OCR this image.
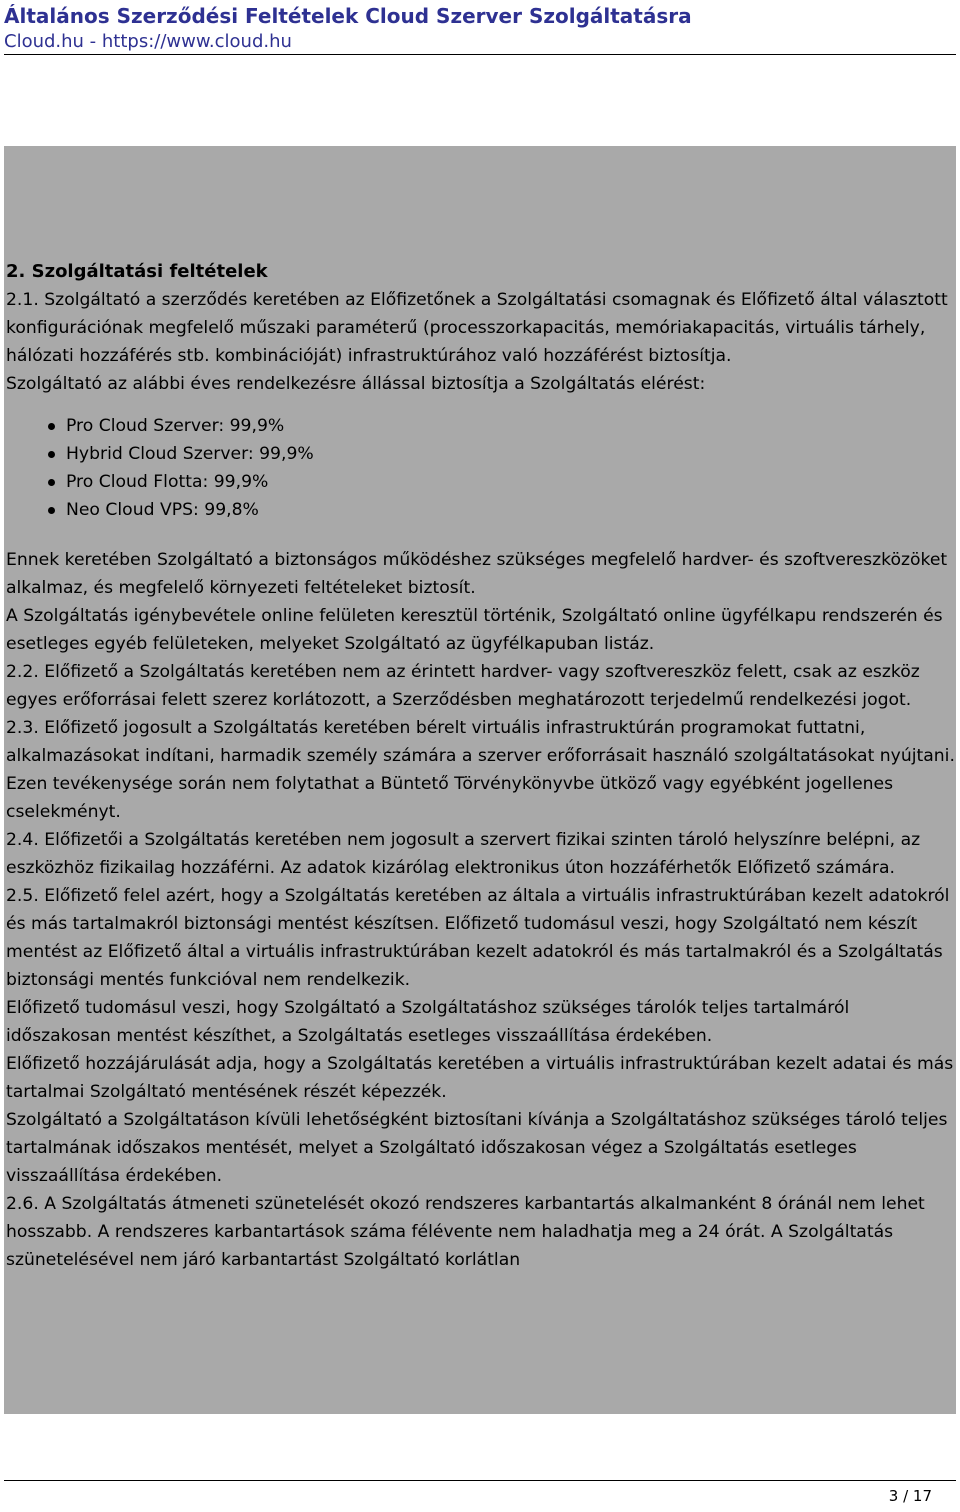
Általános Szerződési Feltételek Cloud Szerver Szolgáltatásra
Cloud.hu - https://www.cloud.hu

2. Szolgáltatási feltételek

2.1. Szolgáltató a szerződés keretében az Előfizetőnek a Szolgáltatási csomagnak és Előfizető által választott konfigurációnak megfelelő műszaki paraméterű (processzorkapacitás, memóriakapacitás, virtuális tárhely, hálózati hozzáférés stb. kombinációját) infrastruktúrához való hozzáférést biztosítja.

Szolgáltató az alábbi éves rendelkezésre állással biztosítja a Szolgáltatás elérést:

Pro Cloud Szerver: 99,9%
Hybrid Cloud Szerver: 99,9%
Pro Cloud Flotta: 99,9%
Neo Cloud VPS: 99,8%

Ennek keretében Szolgáltató a biztonságos működéshez szükséges megfelelő hardver- és szoftvereszközöket alkalmaz, és megfelelő környezeti feltételeket biztosít.

A Szolgáltatás igénybevétele online felületen keresztül történik, Szolgáltató online ügyfélkapu rendszerén és esetleges egyéb felületeken, melyeket Szolgáltató az ügyfélkapuban listáz.

2.2. Előfizető a Szolgáltatás keretében nem az érintett hardver- vagy szoftvereszköz felett, csak az eszköz egyes erőforrásai felett szerez korlátozott, a Szerződésben meghatározott terjedelmű rendelkezési jogot.

2.3. Előfizető jogosult a Szolgáltatás keretében bérelt virtuális infrastruktúrán programokat futtatni, alkalmazásokat indítani, harmadik személy számára a szerver erőforrásait használó szolgáltatásokat nyújtani. Ezen tevékenysége során nem folytathat a Büntető Törvénykönyvbe ütköző vagy egyébként jogellenes cselekményt.

2.4. Előfizetői a Szolgáltatás keretében nem jogosult a szervert fizikai szinten tároló helyszínre belépni, az eszközhöz fizikailag hozzáférni. Az adatok kizárólag elektronikus úton hozzáférhetők Előfizető számára.

2.5. Előfizető felel azért, hogy a Szolgáltatás keretében az általa a virtuális infrastruktúrában kezelt adatokról és más tartalmakról biztonsági mentést készítsen. Előfizető tudomásul veszi, hogy Szolgáltató nem készít mentést az Előfizető által a virtuális infrastruktúrában kezelt adatokról és más tartalmakról és a Szolgáltatás biztonsági mentés funkcióval nem rendelkezik.

Előfizető tudomásul veszi, hogy Szolgáltató a Szolgáltatáshoz szükséges tárolók teljes tartalmáról időszakosan mentést készíthet, a Szolgáltatás esetleges visszaállítása érdekében.

Előfizető hozzájárulását adja, hogy a Szolgáltatás keretében a virtuális infrastruktúrában kezelt adatai és más tartalmai Szolgáltató mentésének részét képezzék.

Szolgáltató a Szolgáltatáson kívüli lehetőségként biztosítani kívánja a Szolgáltatáshoz szükséges tároló teljes tartalmának időszakos mentését, melyet a Szolgáltató időszakosan végez a Szolgáltatás esetleges visszaállítása érdekében.

2.6. A Szolgáltatás átmeneti szünetelését okozó rendszeres karbantartás alkalmanként 8 óránál nem lehet hosszabb. A rendszeres karbantartások száma félévente nem haladhatja meg a 24 órát. A Szolgáltatás szünetelésével nem járó karbantartást Szolgáltató korlátlan

3 / 17
